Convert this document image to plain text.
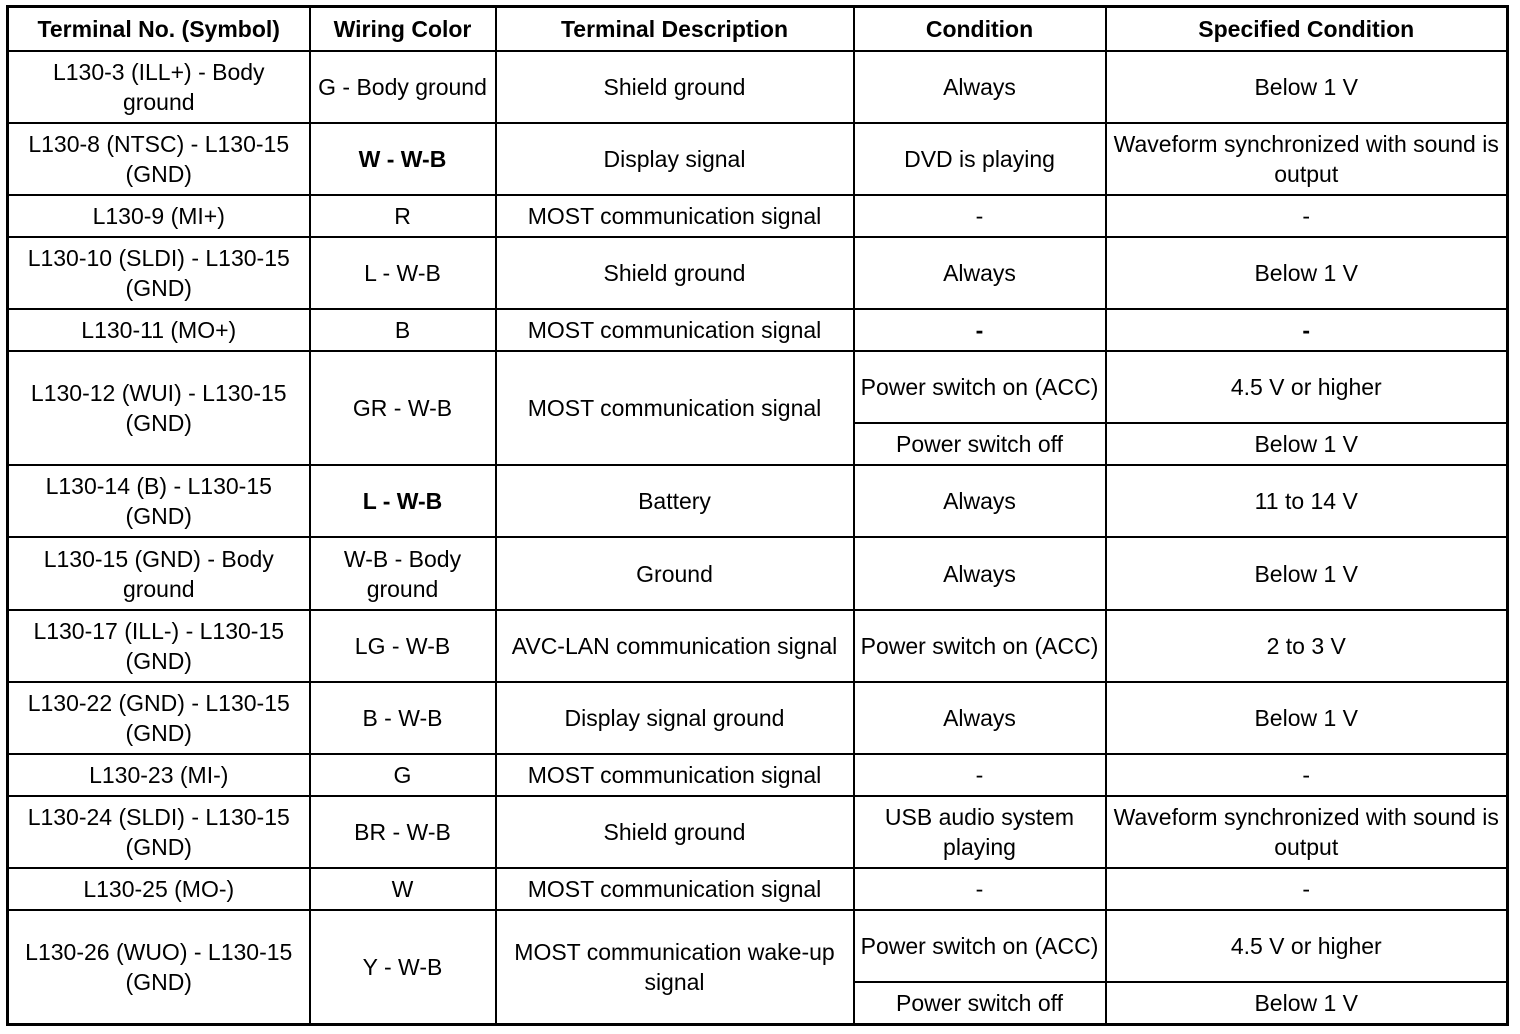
Terminal No. (Symbol)	Wiring Color	Terminal Description	Condition	Specified Condition
L130-3 (ILL+) - Body ground	G - Body ground	Shield ground	Always	Below 1 V
L130-8 (NTSC) - L130-15 (GND)	W - W-B	Display signal	DVD is playing	Waveform synchronized with sound is output
L130-9 (MI+)	R	MOST communication signal	-	-
L130-10 (SLDI) - L130-15 (GND)	L - W-B	Shield ground	Always	Below 1 V
L130-11 (MO+)	B	MOST communication signal	-	-
L130-12 (WUI) - L130-15 (GND)	GR - W-B	MOST communication signal	Power switch on (ACC)	4.5 V or higher
			Power switch off	Below 1 V
L130-14 (B) - L130-15 (GND)	L - W-B	Battery	Always	11 to 14 V
L130-15 (GND) - Body ground	W-B - Body ground	Ground	Always	Below 1 V
L130-17 (ILL-) - L130-15 (GND)	LG - W-B	AVC-LAN communication signal	Power switch on (ACC)	2 to 3 V
L130-22 (GND) - L130-15 (GND)	B - W-B	Display signal ground	Always	Below 1 V
L130-23 (MI-)	G	MOST communication signal	-	-
L130-24 (SLDI) - L130-15 (GND)	BR - W-B	Shield ground	USB audio system playing	Waveform synchronized with sound is output
L130-25 (MO-)	W	MOST communication signal	-	-
L130-26 (WUO) - L130-15 (GND)	Y - W-B	MOST communication wake-up signal	Power switch on (ACC)	4.5 V or higher
			Power switch off	Below 1 V
